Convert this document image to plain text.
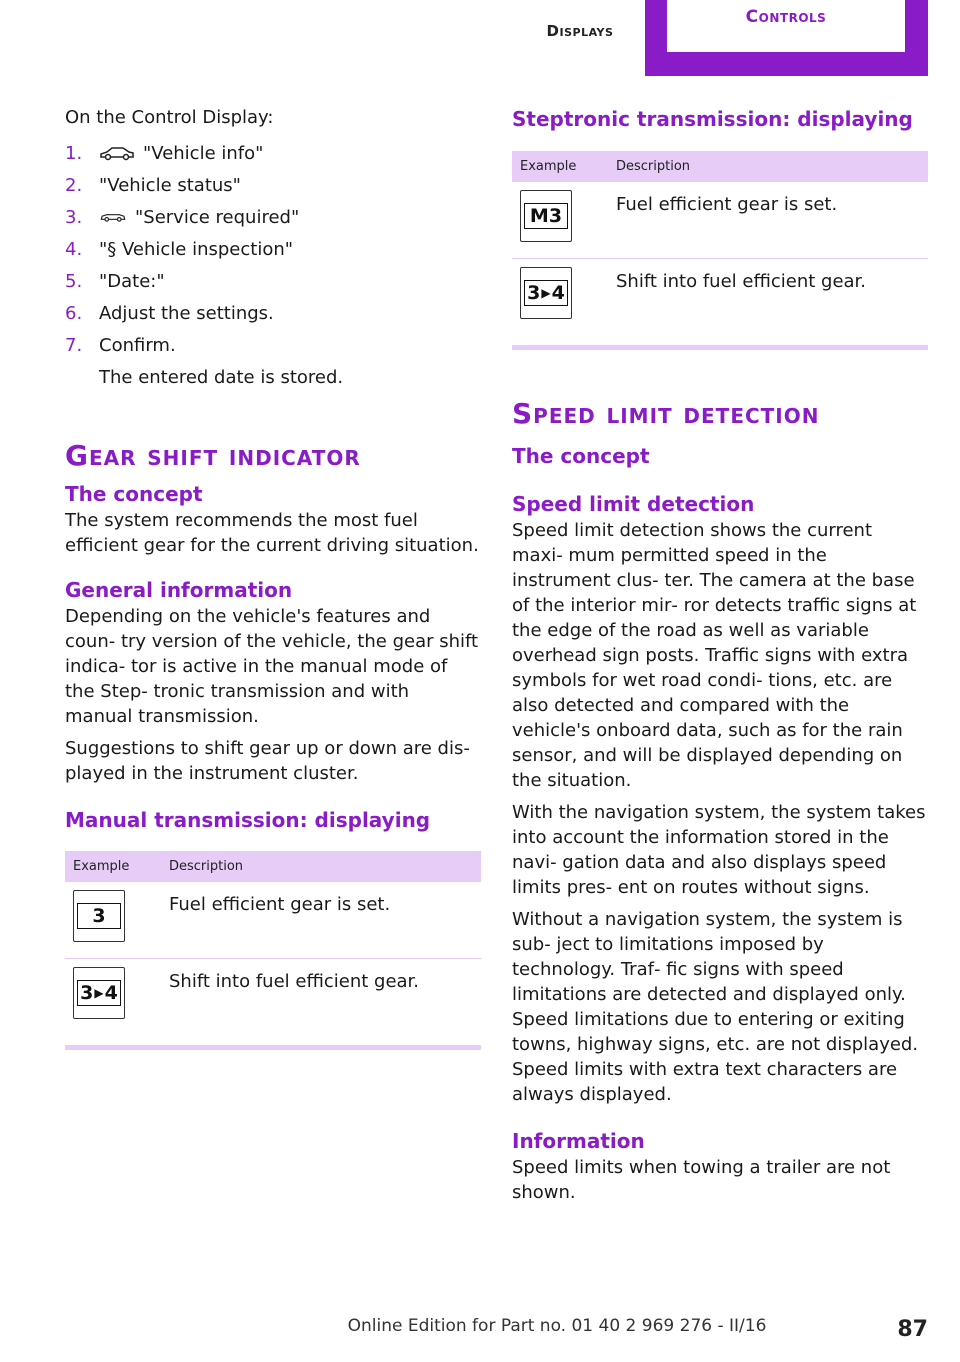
Displays
Controls

On the Control Display:

1.	"Vehicle info"
2. "Vehicle status"
3.	"Service required"
4. "§ Vehicle inspection"
5. "Date:"
6. Adjust the settings.
7. Confirm.
The entered date is stored.
Gear shift indicator
The concept

The system recommends the most fuel efficient gear for the current driving situation.

General information

Depending on the vehicle's features and coun‐ try version of the vehicle, the gear shift indica‐ tor is active in the manual mode of the Step‐ tronic transmission and with manual transmission.

Suggestions to shift gear up or down are dis‐ played in the instrument cluster.

Manual transmission: displaying
Example	Description

3	Fuel efficient gear is set.

3 ▶ 4	Shift into fuel efficient gear.
Steptronic transmission: displaying
Example	Description

M3	Fuel efficient gear is set.

3 ▶ 4	Shift into fuel efficient gear.
Speed limit detection
The concept
Speed limit detection

Speed limit detection shows the current maxi‐ mum permitted speed in the instrument clus‐ ter. The camera at the base of the interior mir‐ ror detects traffic signs at the edge of the road as well as variable overhead sign posts. Traffic signs with extra symbols for wet road condi‐ tions, etc. are also detected and compared with the vehicle's onboard data, such as for the rain sensor, and will be displayed depending on the situation.

With the navigation system, the system takes into account the information stored in the navi‐ gation data and also displays speed limits pres‐ ent on routes without signs.

Without a navigation system, the system is sub‐ ject to limitations imposed by technology. Traf‐ fic signs with speed limitations are detected and displayed only. Speed limitations due to entering or exiting towns, highway signs, etc. are not displayed. Speed limits with extra text characters are always displayed.

Information

Speed limits when towing a trailer are not shown.

Online Edition for Part no. 01 40 2 969 276 - II/16	87
